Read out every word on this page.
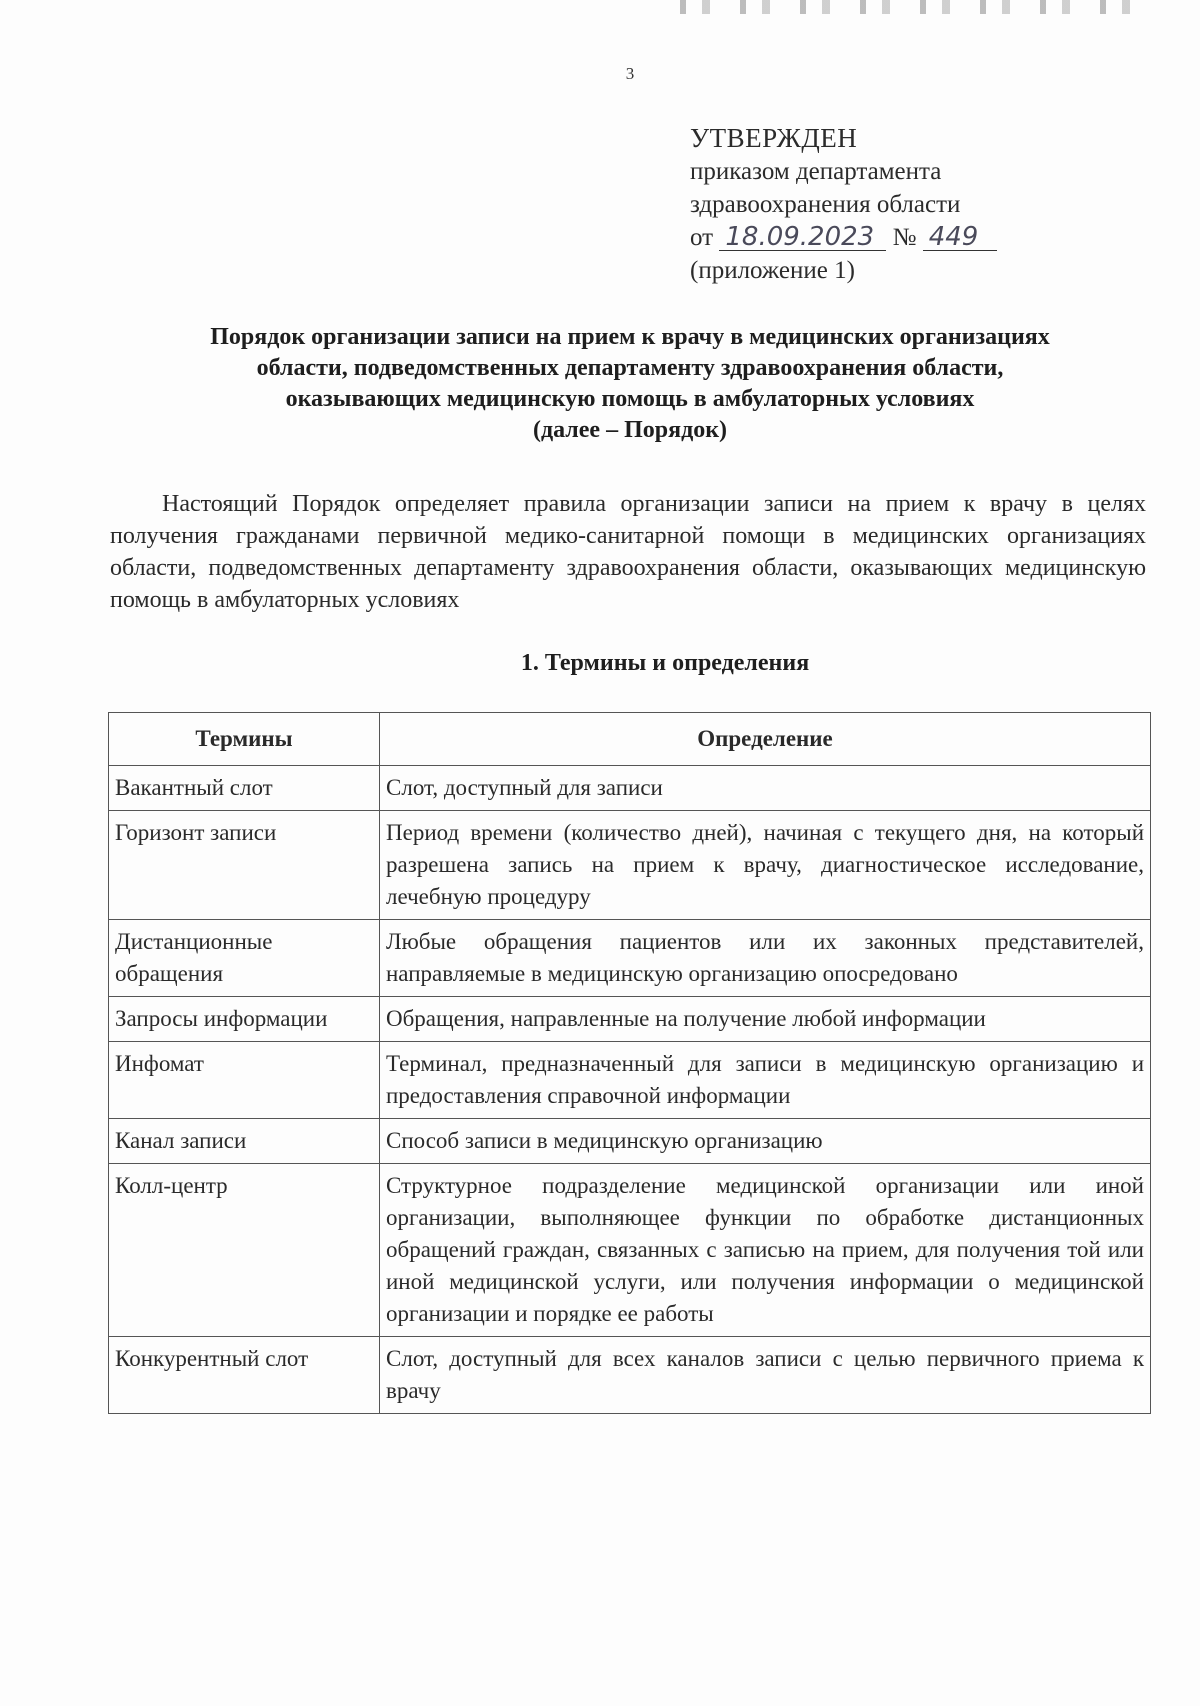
3
УТВЕРЖДЕН
приказом департамента
здравоохранения области
от 18.09.2023 № 449
(приложение 1)
Порядок организации записи на прием к врачу в медицинских организациях
области, подведомственных департаменту здравоохранения области,
оказывающих медицинскую помощь в амбулаторных условиях
(далее – Порядок)
Настоящий Порядок определяет правила организации записи на прием к врачу в целях получения гражданами первичной медико-санитарной помощи в медицинских организациях области, подведомственных департаменту здравоохранения области, оказывающих медицинскую помощь в амбулаторных условиях
1. Термины и определения
Термины	Определение
Вакантный слот	Слот, доступный для записи
Горизонт записи	Период времени (количество дней), начиная с текущего дня, на который разрешена запись на прием к врачу, диагностическое исследование, лечебную процедуру
Дистанционные обращения	Любые обращения пациентов или их законных представителей, направляемые в медицинскую организацию опосредовано
Запросы информации	Обращения, направленные на получение любой информации
Инфомат	Терминал, предназначенный для записи в медицинскую организацию и предоставления справочной информации
Канал записи	Способ записи в медицинскую организацию
Колл-центр	Структурное подразделение медицинской организации или иной организации, выполняющее функции по обработке дистанционных обращений граждан, связанных с записью на прием, для получения той или иной медицинской услуги, или получения информации о медицинской организации и порядке ее работы
Конкурентный слот	Слот, доступный для всех каналов записи с целью первичного приема к врачу
